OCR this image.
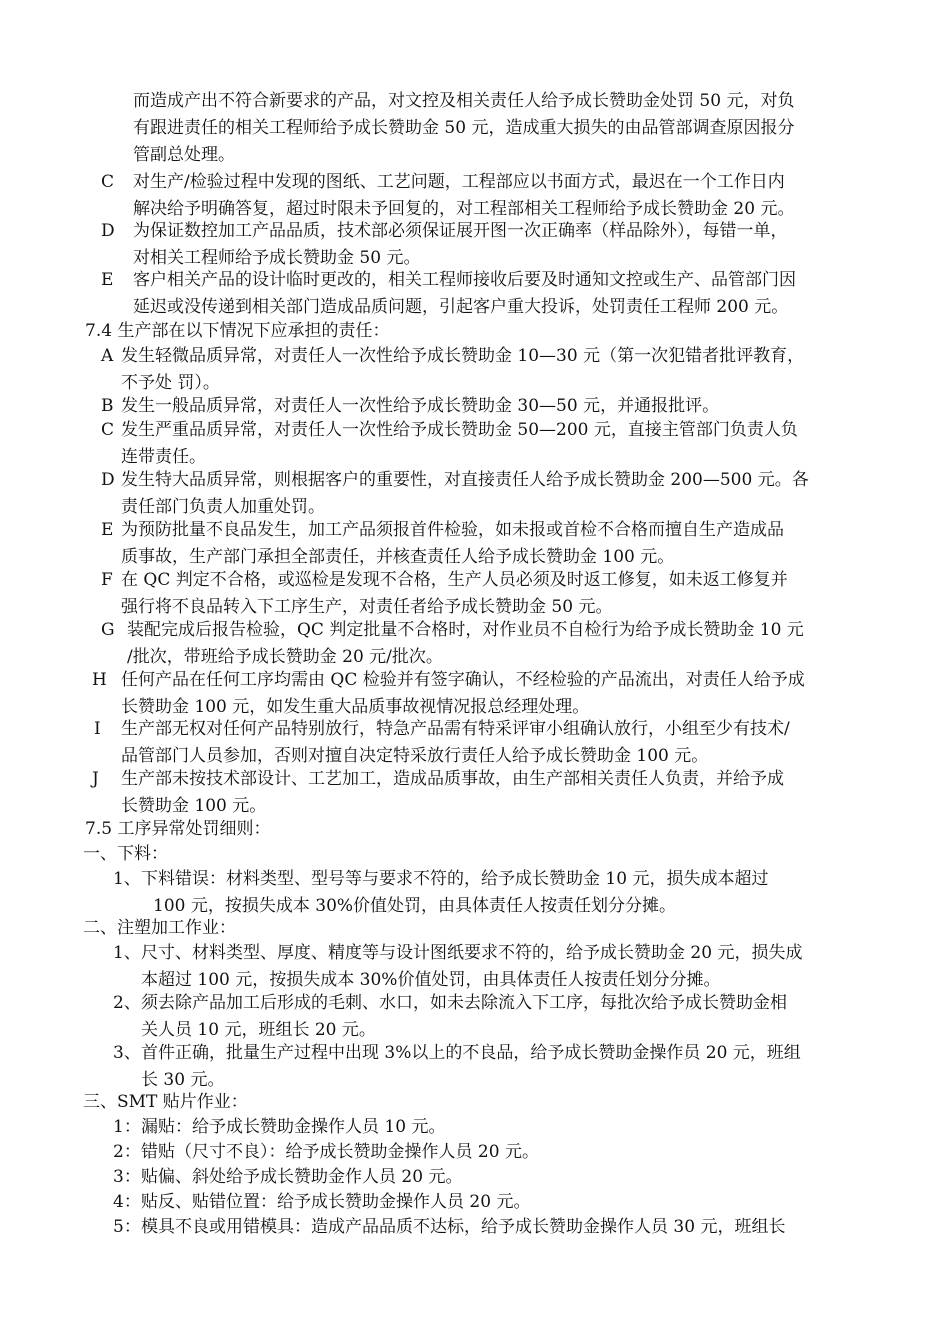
而造成产出不符合新要求的产品，对文控及相关责任人给予成长赞助金处罚 50 元，对负
有跟进责任的相关工程师给予成长赞助金 50 元，造成重大损失的由品管部调查原因报分
管副总处理。
C 对生产/检验过程中发现的图纸、工艺问题，工程部应以书面方式，最迟在一个工作日内
解决给予明确答复，超过时限未予回复的，对工程部相关工程师给予成长赞助金 20 元。
D 为保证数控加工产品品质，技术部必须保证展开图一次正确率（样品除外），每错一单，
对相关工程师给予成长赞助金 50 元。
E 客户相关产品的设计临时更改的，相关工程师接收后要及时通知文控或生产、品管部门因
延迟或没传递到相关部门造成品质问题，引起客户重大投诉，处罚责任工程师 200 元。
7.4 生产部在以下情况下应承担的责任：
A 发生轻微品质异常，对责任人一次性给予成长赞助金 10—30 元（第一次犯错者批评教育，
不予处 罚）。
B 发生一般品质异常，对责任人一次性给予成长赞助金 30—50 元，并通报批评。
C 发生严重品质异常，对责任人一次性给予成长赞助金 50—200 元，直接主管部门负责人负
连带责任。
D 发生特大品质异常，则根据客户的重要性，对直接责任人给予成长赞助金 200—500 元。各
责任部门负责人加重处罚。
E 为预防批量不良品发生，加工产品须报首件检验，如未报或首检不合格而擅自生产造成品
质事故，生产部门承担全部责任，并核查责任人给予成长赞助金 100 元。
F 在 QC 判定不合格，或巡检是发现不合格，生产人员必须及时返工修复，如未返工修复并
强行将不良品转入下工序生产，对责任者给予成长赞助金 50 元。
G 装配完成后报告检验，QC 判定批量不合格时，对作业员不自检行为给予成长赞助金 10 元
/批次，带班给予成长赞助金 20 元/批次。
H 任何产品在任何工序均需由 QC 检验并有签字确认，不经检验的产品流出，对责任人给予成
长赞助金 100 元，如发生重大品质事故视情况报总经理处理。
I 生产部无权对任何产品特别放行，特急产品需有特采评审小组确认放行，小组至少有技术/
品管部门人员参加，否则对擅自决定特采放行责任人给予成长赞助金 100 元。
J 生产部未按技术部设计、工艺加工，造成品质事故，由生产部相关责任人负责，并给予成
长赞助金 100 元。
7.5 工序异常处罚细则：
一、下料：
1、 下料错误：材料类型、型号等与要求不符的，给予成长赞助金 10 元，损失成本超过
100 元，按损失成本 30%价值处罚，由具体责任人按责任划分分摊。
二、注塑加工作业：
1、 尺寸、材料类型、厚度、精度等与设计图纸要求不符的，给予成长赞助金 20 元，损失成
本超过 100 元，按损失成本 30%价值处罚，由具体责任人按责任划分分摊。
2、 须去除产品加工后形成的毛刺、水口，如未去除流入下工序，每批次给予成长赞助金相
关人员 10 元，班组长 20 元。
3、 首件正确，批量生产过程中出现 3%以上的不良品，给予成长赞助金操作员 20 元，班组
长 30 元。
三、SMT 贴片作业：
1： 漏贴：给予成长赞助金操作人员 10 元。
2： 错贴（尺寸不良）：给予成长赞助金操作人员 20 元。
3： 贴偏、斜处给予成长赞助金作人员 20 元。
4： 贴反、贴错位置：给予成长赞助金操作人员 20 元。
5： 模具不良或用错模具：造成产品品质不达标，给予成长赞助金操作人员 30 元，班组长
